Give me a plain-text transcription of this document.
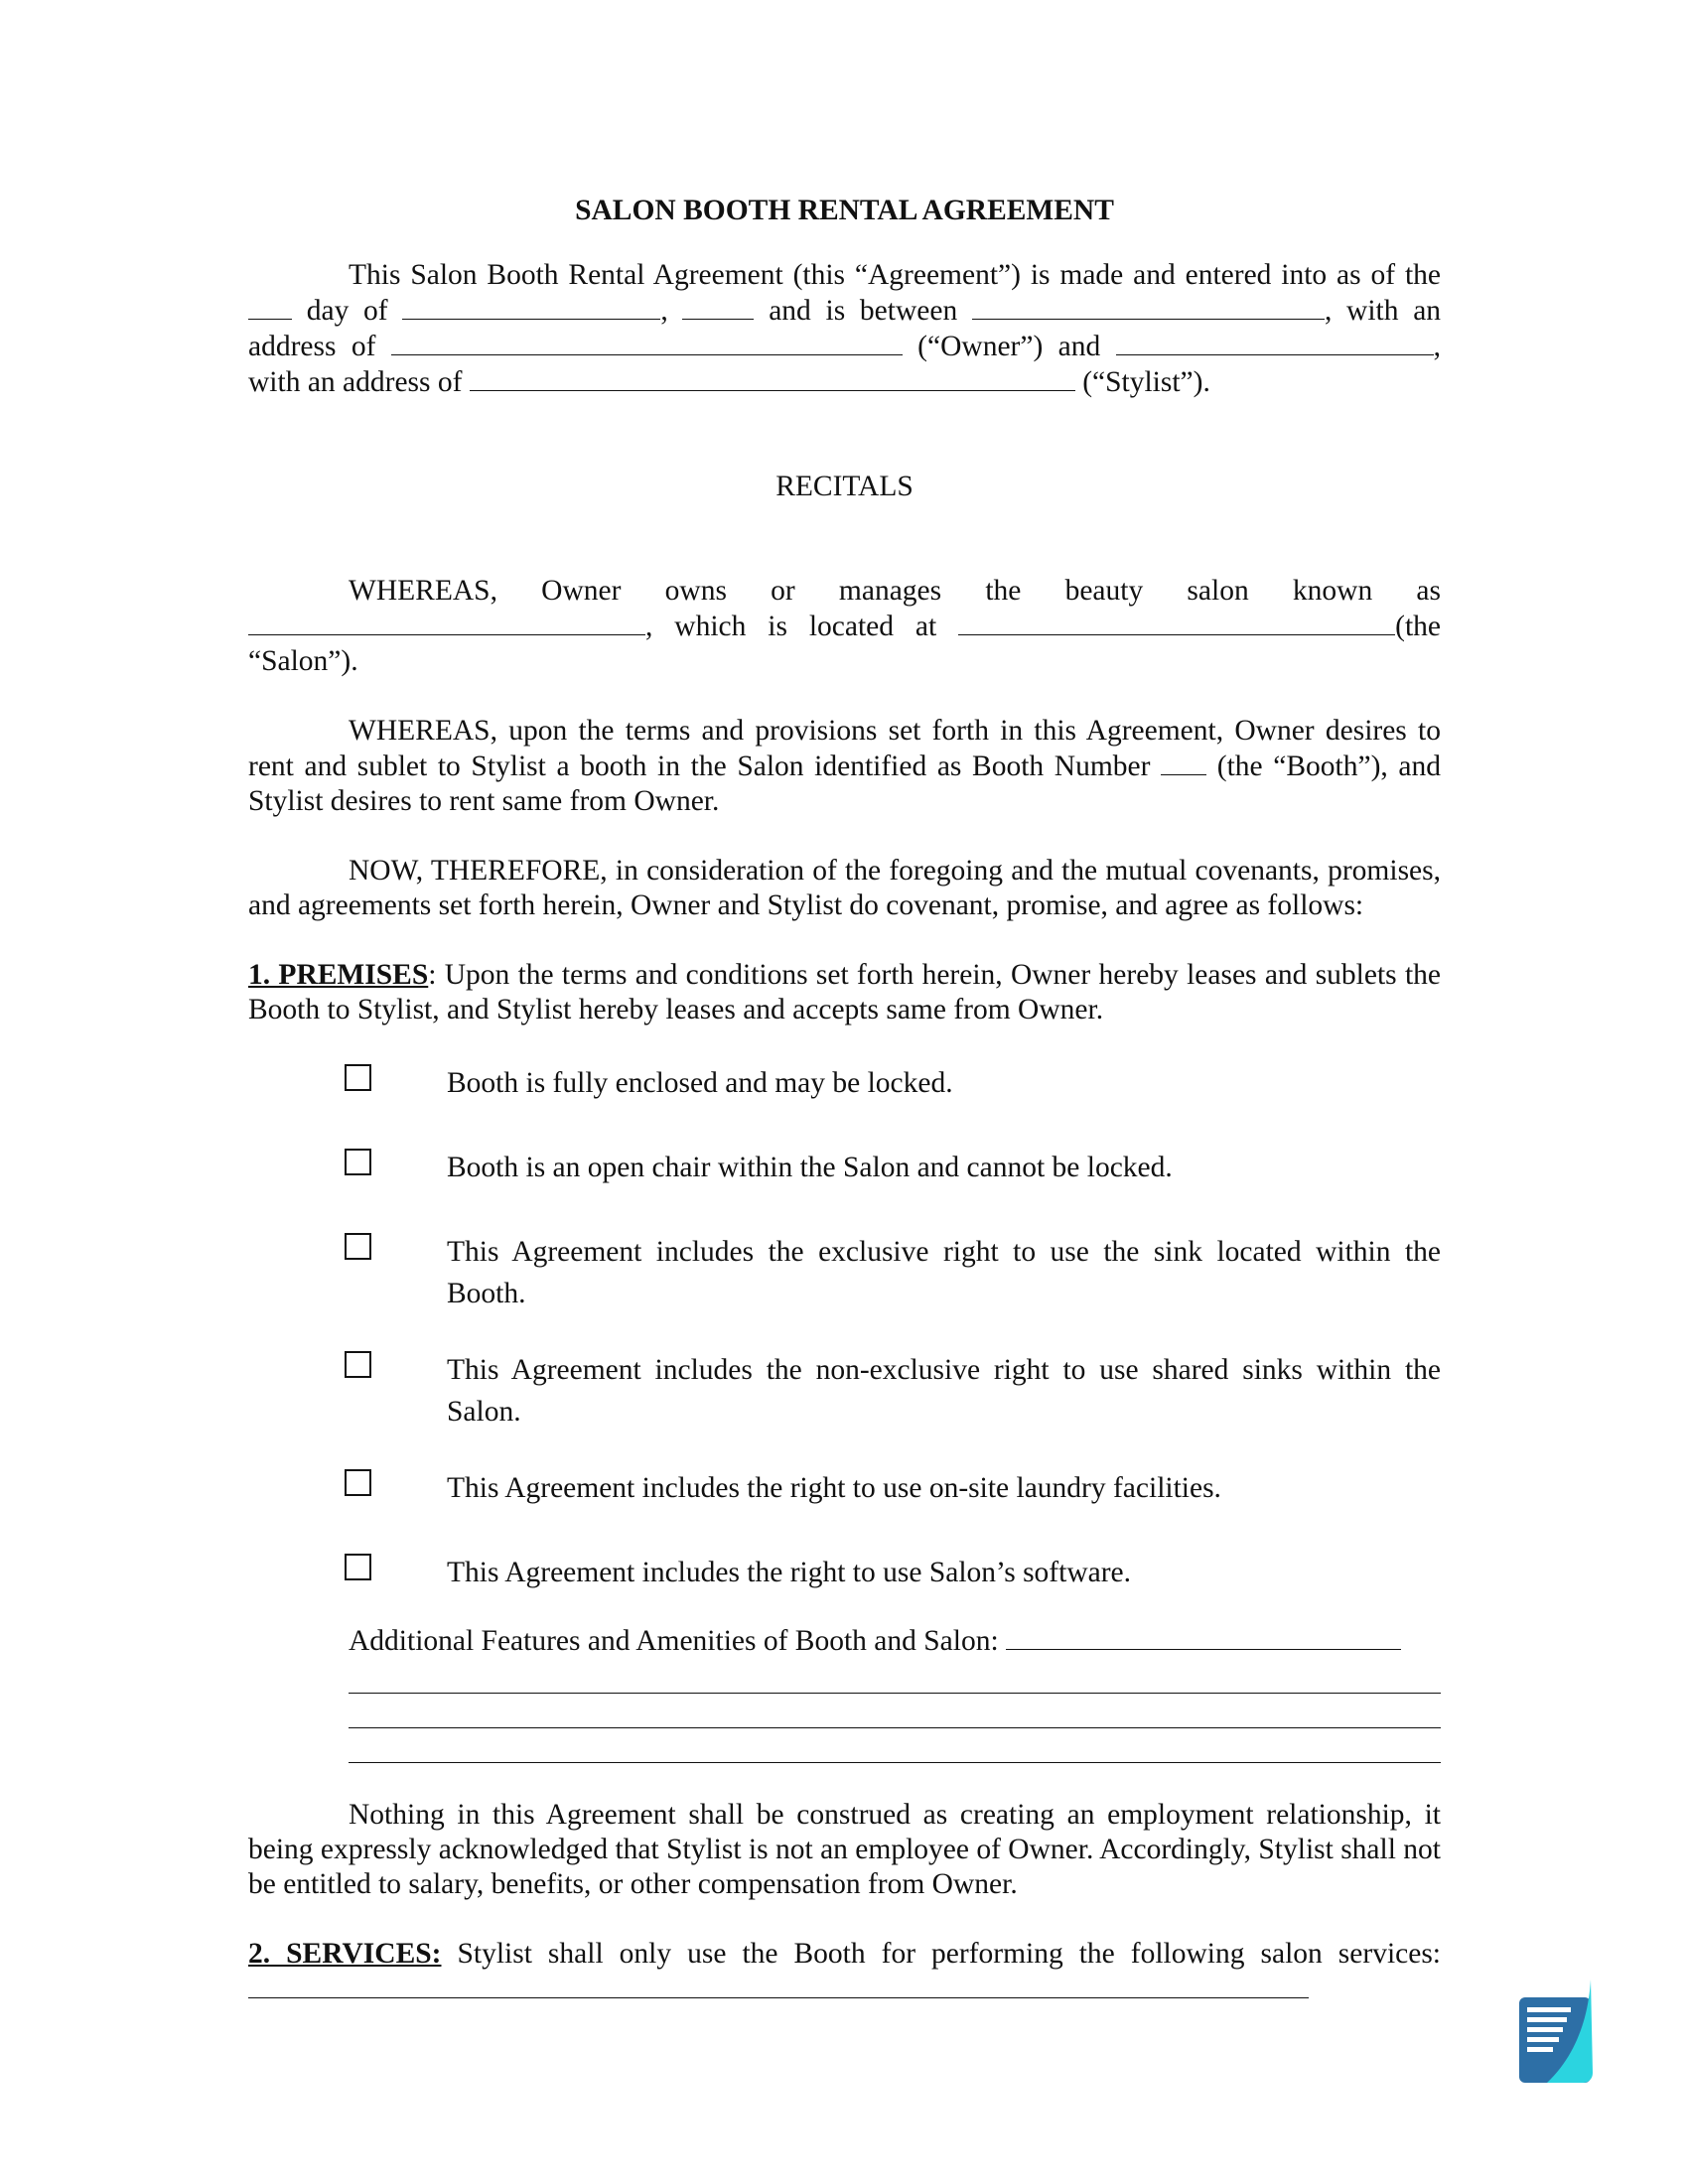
SALON BOOTH RENTAL AGREEMENT

This Salon Booth Rental Agreement (this “Agreement”) is made and entered into as of the  day of	,	and is between	, with an address of	(“Owner”) and	, with an address of	(“Stylist”).

RECITALS

WHEREAS, Owner owns or manages the beauty salon known as , which is located at	(the “Salon”).

WHEREAS, upon the terms and provisions set forth in this Agreement, Owner desires to rent and sublet to Stylist a booth in the Salon identified as Booth Number (the “Booth”), and Stylist desires to rent same from Owner.

NOW, THEREFORE, in consideration of the foregoing and the mutual covenants, promises, and agreements set forth herein, Owner and Stylist do covenant, promise, and agree as follows:

1. PREMISES: Upon the terms and conditions set forth herein, Owner hereby leases and sublets the Booth to Stylist, and Stylist hereby leases and accepts same from Owner.

Booth is fully enclosed and may be locked.
Booth is an open chair within the Salon and cannot be locked.
This Agreement includes the exclusive right to use the sink located within the Booth.
This Agreement includes the non-exclusive right to use shared sinks within the Salon.
This Agreement includes the right to use on-site laundry facilities.
This Agreement includes the right to use Salon’s software.

Additional Features and Amenities of Booth and Salon:

Nothing in this Agreement shall be construed as creating an employment relationship, it being expressly acknowledged that Stylist is not an employee of Owner. Accordingly, Stylist shall not be entitled to salary, benefits, or other compensation from Owner.

2. SERVICES: Stylist shall only use the Booth for performing the following salon services:
